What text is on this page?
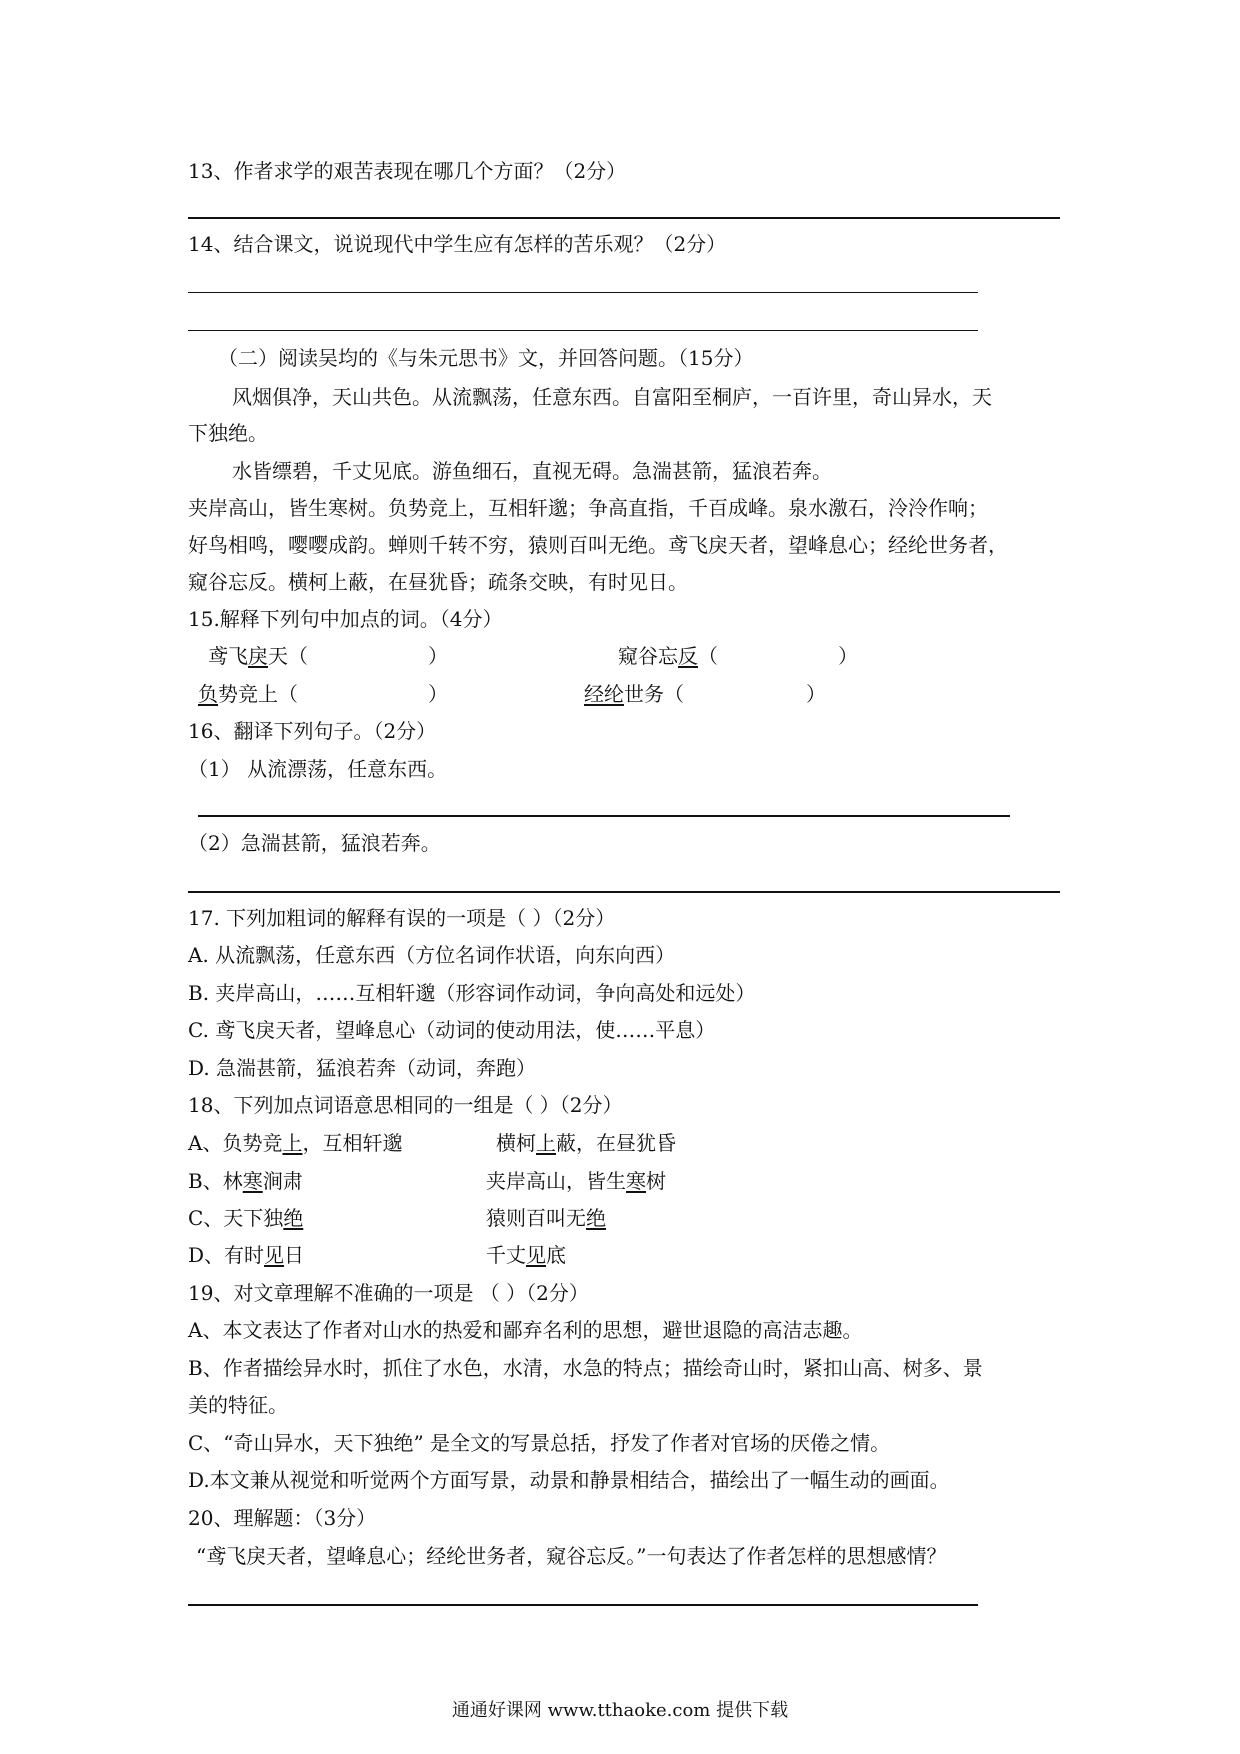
13、作者求学的艰苦表现在哪几个方面？（2分）
14、结合课文，说说现代中学生应有怎样的苦乐观？（2分）
（二）阅读吴均的《与朱元思书》文，并回答问题。（15分）
风烟俱净，天山共色。从流飘荡，任意东西。自富阳至桐庐，一百许里，奇山异水，天
下独绝。
水皆缥碧，千丈见底。游鱼细石，直视无碍。急湍甚箭，猛浪若奔。
夹岸高山，皆生寒树。负势竞上，互相轩邈；争高直指，千百成峰。泉水激石，泠泠作响；
好鸟相鸣，嘤嘤成韵。蝉则千转不穷，猿则百叫无绝。鸢飞戾天者，望峰息心；经纶世务者，
窥谷忘反。横柯上蔽，在昼犹昏；疏条交映，有时见日。
15.解释下列句中加点的词。（4分）
鸢飞戾天（	）	窥谷忘反（	）
负势竞上（	）	经纶世务（	）
16、翻译下列句子。（2分）
（1） 从流漂荡，任意东西。
（2）急湍甚箭，猛浪若奔。
17. 下列加粗词的解释有误的一项是（ ）（2分）
A. 从流飘荡，任意东西（方位名词作状语，向东向西）
B. 夹岸高山，……互相轩邈（形容词作动词，争向高处和远处）
C. 鸢飞戾天者，望峰息心（动词的使动用法，使……平息）
D. 急湍甚箭，猛浪若奔（动词，奔跑）
18、下列加点词语意思相同的一组是（ ）（2分）
A、负势竞上，互相轩邈	横柯上蔽，在昼犹昏
B、林寒涧肃	夹岸高山，皆生寒树
C、天下独绝	猿则百叫无绝
D、有时见日	千丈见底
19、对文章理解不准确的一项是 （ ）（2分）
A、本文表达了作者对山水的热爱和鄙弃名利的思想，避世退隐的高洁志趣。
B、作者描绘异水时，抓住了水色，水清，水急的特点；描绘奇山时，紧扣山高、树多、景
美的特征。
C、“奇山异水，天下独绝” 是全文的写景总括，抒发了作者对官场的厌倦之情。
D.本文兼从视觉和听觉两个方面写景，动景和静景相结合，描绘出了一幅生动的画面。
20、理解题：（3分）
“鸢飞戾天者，望峰息心；经纶世务者，窥谷忘反。”一句表达了作者怎样的思想感情？
通通好课网 www.tthaoke.com 提供下载
